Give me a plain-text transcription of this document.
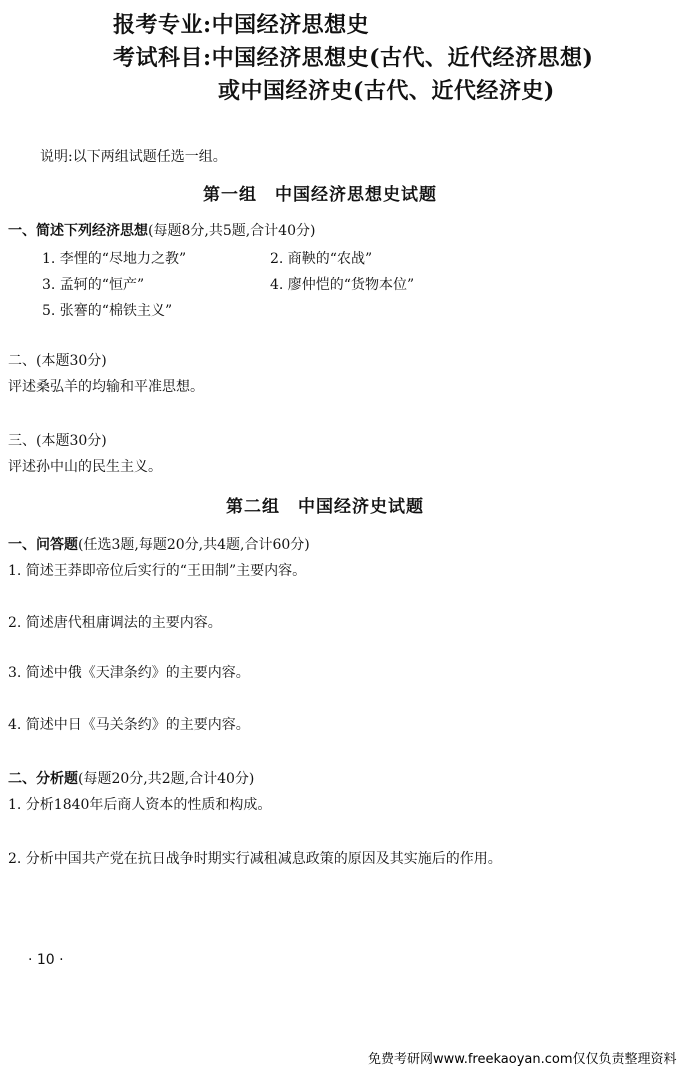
报考专业:中国经济思想史
考试科目:中国经济思想史(古代、近代经济思想)
或中国经济史(古代、近代经济史)
说明:以下两组试题任选一组。
第一组　中国经济思想史试题
一、简述下列经济思想(每题8分,共5题,合计40分)
1. 李悝的“尽地力之教”	2. 商鞅的“农战”
3. 孟轲的“恒产”	4. 廖仲恺的“货物本位”
5. 张謇的“棉铁主义”
二、(本题30分)
评述桑弘羊的均输和平准思想。
三、(本题30分)
评述孙中山的民生主义。
第二组　中国经济史试题
一、问答题(任选3题,每题20分,共4题,合计60分)
1. 简述王莽即帝位后实行的“王田制”主要内容。
2. 简述唐代租庸调法的主要内容。
3. 简述中俄《天津条约》的主要内容。
4. 简述中日《马关条约》的主要内容。
二、分析题(每题20分,共2题,合计40分)
1. 分析1840年后商人资本的性质和构成。
2. 分析中国共产党在抗日战争时期实行减租减息政策的原因及其实施后的作用。
· 10 ·
免费考研网www.freekaoyan.com仅仅负责整理资料
